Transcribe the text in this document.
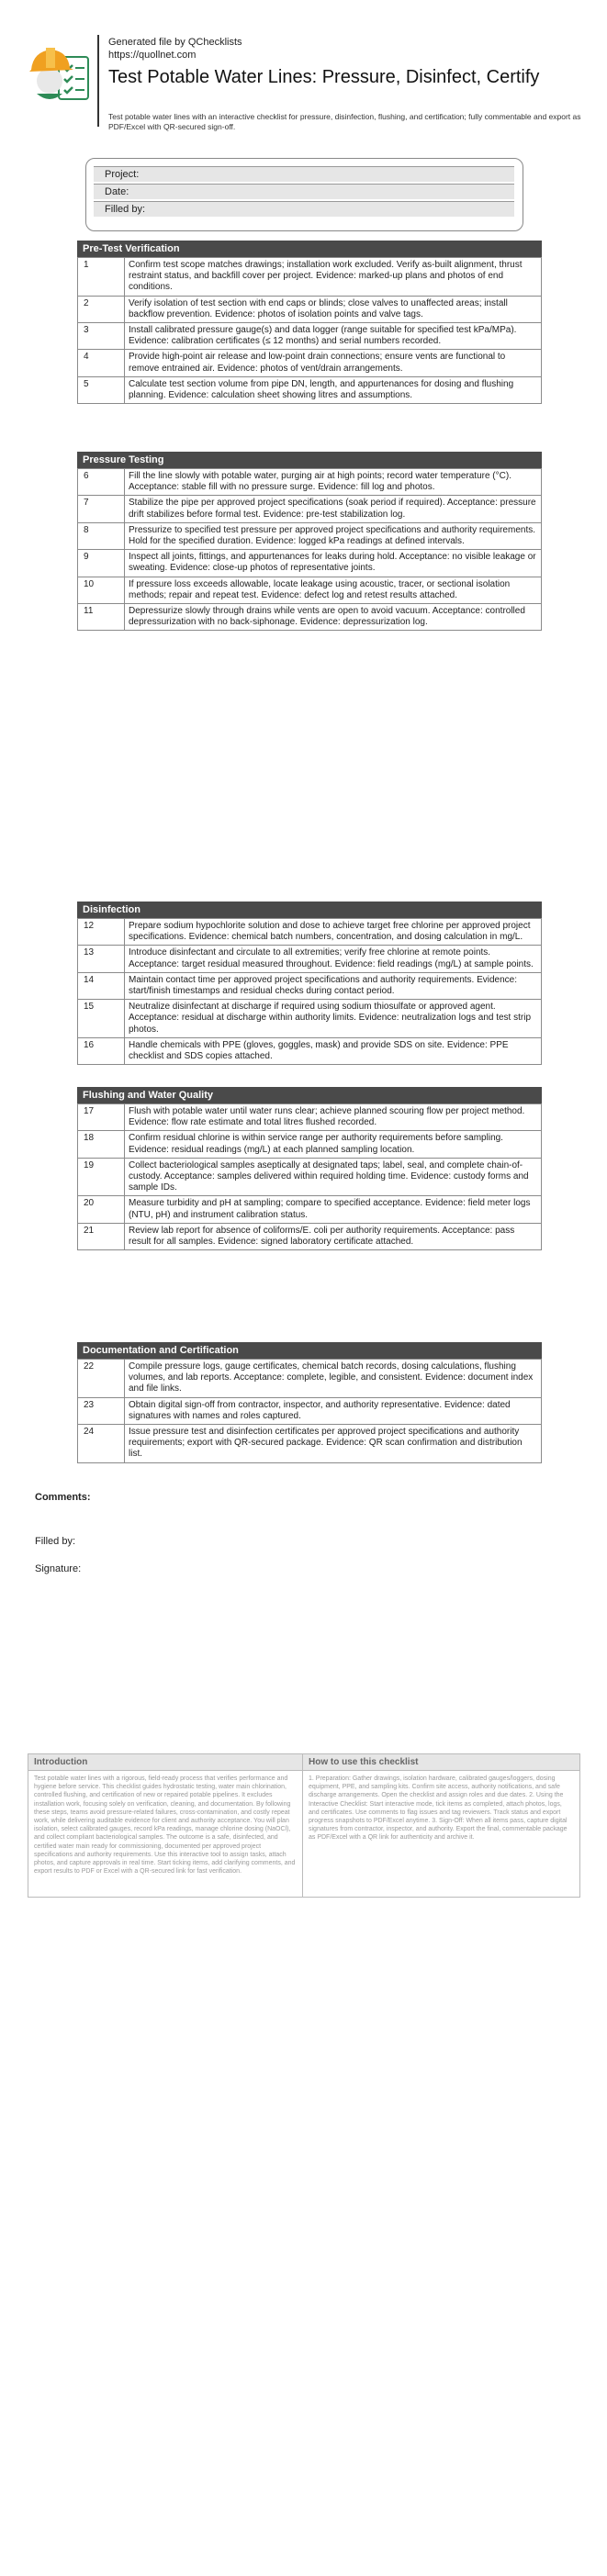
Generated file by QChecklists
https://quollnet.com
Test Potable Water Lines: Pressure, Disinfect, Certify
Test potable water lines with an interactive checklist for pressure, disinfection, flushing, and certification; fully commentable and export as PDF/Excel with QR-secured sign-off.
Project:
Date:
Filled by:
Pre-Test Verification
1	Confirm test scope matches drawings; installation work excluded. Verify as-built alignment, thrust restraint status, and backfill cover per project. Evidence: marked-up plans and photos of end conditions.
2	Verify isolation of test section with end caps or blinds; close valves to unaffected areas; install backflow prevention. Evidence: photos of isolation points and valve tags.
3	Install calibrated pressure gauge(s) and data logger (range suitable for specified test kPa/MPa). Evidence: calibration certificates (≤ 12 months) and serial numbers recorded.
4	Provide high-point air release and low-point drain connections; ensure vents are functional to remove entrained air. Evidence: photos of vent/drain arrangements.
5	Calculate test section volume from pipe DN, length, and appurtenances for dosing and flushing planning. Evidence: calculation sheet showing litres and assumptions.
Pressure Testing
6	Fill the line slowly with potable water, purging air at high points; record water temperature (°C). Acceptance: stable fill with no pressure surge. Evidence: fill log and photos.
7	Stabilize the pipe per approved project specifications (soak period if required). Acceptance: pressure drift stabilizes before formal test. Evidence: pre-test stabilization log.
8	Pressurize to specified test pressure per approved project specifications and authority requirements. Hold for the specified duration. Evidence: logged kPa readings at defined intervals.
9	Inspect all joints, fittings, and appurtenances for leaks during hold. Acceptance: no visible leakage or sweating. Evidence: close-up photos of representative joints.
10	If pressure loss exceeds allowable, locate leakage using acoustic, tracer, or sectional isolation methods; repair and repeat test. Evidence: defect log and retest results attached.
11	Depressurize slowly through drains while vents are open to avoid vacuum. Acceptance: controlled depressurization with no back-siphonage. Evidence: depressurization log.
Disinfection
12	Prepare sodium hypochlorite solution and dose to achieve target free chlorine per approved project specifications. Evidence: chemical batch numbers, concentration, and dosing calculation in mg/L.
13	Introduce disinfectant and circulate to all extremities; verify free chlorine at remote points. Acceptance: target residual measured throughout. Evidence: field readings (mg/L) at sample points.
14	Maintain contact time per approved project specifications and authority requirements. Evidence: start/finish timestamps and residual checks during contact period.
15	Neutralize disinfectant at discharge if required using sodium thiosulfate or approved agent. Acceptance: residual at discharge within authority limits. Evidence: neutralization logs and test strip photos.
16	Handle chemicals with PPE (gloves, goggles, mask) and provide SDS on site. Evidence: PPE checklist and SDS copies attached.
Flushing and Water Quality
17	Flush with potable water until water runs clear; achieve planned scouring flow per project method. Evidence: flow rate estimate and total litres flushed recorded.
18	Confirm residual chlorine is within service range per authority requirements before sampling. Evidence: residual readings (mg/L) at each planned sampling location.
19	Collect bacteriological samples aseptically at designated taps; label, seal, and complete chain-of-custody. Acceptance: samples delivered within required holding time. Evidence: custody forms and sample IDs.
20	Measure turbidity and pH at sampling; compare to specified acceptance. Evidence: field meter logs (NTU, pH) and instrument calibration status.
21	Review lab report for absence of coliforms/E. coli per authority requirements. Acceptance: pass result for all samples. Evidence: signed laboratory certificate attached.
Documentation and Certification
22	Compile pressure logs, gauge certificates, chemical batch records, dosing calculations, flushing volumes, and lab reports. Acceptance: complete, legible, and consistent. Evidence: document index and file links.
23	Obtain digital sign-off from contractor, inspector, and authority representative. Evidence: dated signatures with names and roles captured.
24	Issue pressure test and disinfection certificates per approved project specifications and authority requirements; export with QR-secured package. Evidence: QR scan confirmation and distribution list.
Comments:
Filled by:
Signature:
Introduction
Test potable water lines with a rigorous, field-ready process that verifies performance and hygiene before service. This checklist guides hydrostatic testing, water main chlorination, controlled flushing, and certification of new or repaired potable pipelines. It excludes installation work, focusing solely on verification, cleaning, and documentation. By following these steps, teams avoid pressure-related failures, cross-contamination, and costly repeat work, while delivering auditable evidence for client and authority acceptance. You will plan isolation, select calibrated gauges, record kPa readings, manage chlorine dosing (NaOCl), and collect compliant bacteriological samples. The outcome is a safe, disinfected, and certified water main ready for commissioning, documented per approved project specifications and authority requirements. Use this interactive tool to assign tasks, attach photos, and capture approvals in real time. Start ticking items, add clarifying comments, and export results to PDF or Excel with a QR-secured link for fast verification.
How to use this checklist
1. Preparation: Gather drawings, isolation hardware, calibrated gauges/loggers, dosing equipment, PPE, and sampling kits. Confirm site access, authority notifications, and safe discharge arrangements. Open the checklist and assign roles and due dates. 2. Using the Interactive Checklist: Start interactive mode, tick items as completed, attach photos, logs, and certificates. Use comments to flag issues and tag reviewers. Track status and export progress snapshots to PDF/Excel anytime. 3. Sign-Off: When all items pass, capture digital signatures from contractor, inspector, and authority. Export the final, commentable package as PDF/Excel with a QR link for authenticity and archive it.
